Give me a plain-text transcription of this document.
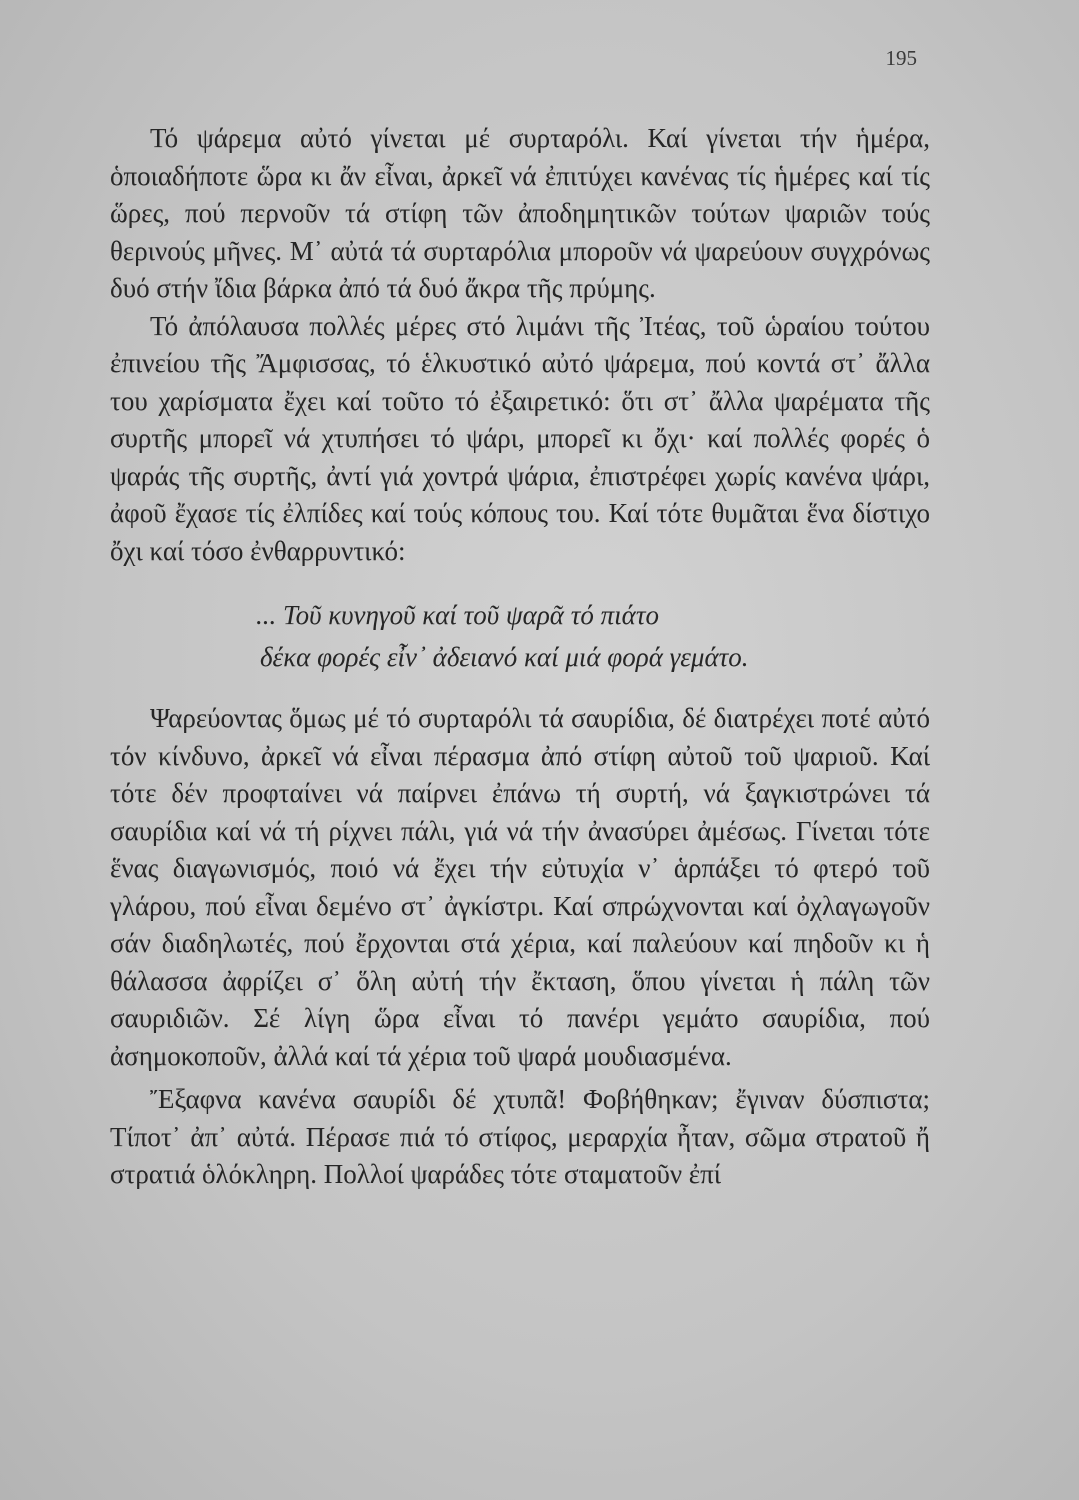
195

Τό ψάρεμα αὐτό γίνεται μέ συρταρόλι. Καί γίνεται τήν ἡμέρα, ὁποιαδήποτε ὥρα κι ἄν εἶναι, ἀρκεῖ νά ἐπιτύχει κανένας τίς ἡμέρες καί τίς ὥρες, πού περνοῦν τά στίφη τῶν ἀποδημητικῶν τούτων ψαριῶν τούς θερινούς μῆνες. Μ᾽ αὐτά τά συρταρόλια μποροῦν νά ψαρεύουν συγχρόνως δυό στήν ἴδια βάρκα ἀπό τά δυό ἄκρα τῆς πρύμης.

Τό ἀπόλαυσα πολλές μέρες στό λιμάνι τῆς Ἰτέας, τοῦ ὡραίου τούτου ἐπινείου τῆς Ἄμφισσας, τό ἑλκυστικό αὐτό ψάρεμα, πού κοντά στ᾽ ἄλλα του χαρίσματα ἔχει καί τοῦτο τό ἐξαιρετικό: ὅτι στ᾽ ἄλλα ψαρέματα τῆς συρτῆς μπορεῖ νά χτυπήσει τό ψάρι, μπορεῖ κι ὄχι· καί πολλές φορές ὁ ψαράς τῆς συρτῆς, ἀντί γιά χοντρά ψάρια, ἐπιστρέφει χωρίς κανένα ψάρι, ἀφοῦ ἔχασε τίς ἐλπίδες καί τούς κόπους του. Καί τότε θυμᾶται ἕνα δίστιχο ὄχι καί τόσο ἐνθαρρυντικό:

... Τοῦ κυνηγοῦ καί τοῦ ψαρᾶ τό πιάτο
δέκα φορές εἶν᾽ ἀδειανό καί μιά φορά γεμάτο.

Ψαρεύοντας ὅμως μέ τό συρταρόλι τά σαυρίδια, δέ διατρέχει ποτέ αὐτό τόν κίνδυνο, ἀρκεῖ νά εἶναι πέρασμα ἀπό στίφη αὐτοῦ τοῦ ψαριοῦ. Καί τότε δέν προφταίνει νά παίρνει ἐπάνω τή συρτή, νά ξαγκιστρώνει τά σαυρίδια καί νά τή ρίχνει πάλι, γιά νά τήν ἀνασύρει ἀμέσως. Γίνεται τότε ἕνας διαγωνισμός, ποιό νά ἔχει τήν εὐτυχία ν᾽ ἁρπάξει τό φτερό τοῦ γλάρου, πού εἶναι δεμένο στ᾽ ἀγκίστρι. Καί σπρώχνονται καί ὀχλαγωγοῦν σάν διαδηλωτές, πού ἔρχονται στά χέρια, καί παλεύουν καί πηδοῦν κι ἡ θάλασσα ἀφρίζει σ᾽ ὅλη αὐτή τήν ἔκταση, ὅπου γίνεται ἡ πάλη τῶν σαυριδιῶν. Σέ λίγη ὥρα εἶναι τό πανέρι γεμάτο σαυρίδια, πού ἀσημοκοποῦν, ἀλλά καί τά χέρια τοῦ ψαρά μουδιασμένα.

Ἔξαφνα κανένα σαυρίδι δέ χτυπᾶ! Φοβήθηκαν; ἔγιναν δύσπιστα; Τίποτ᾽ ἀπ᾽ αὐτά. Πέρασε πιά τό στίφος, μεραρχία ἦταν, σῶμα στρατοῦ ἤ στρατιά ὁλόκληρη. Πολλοί ψαράδες τότε σταματοῦν ἐπί
